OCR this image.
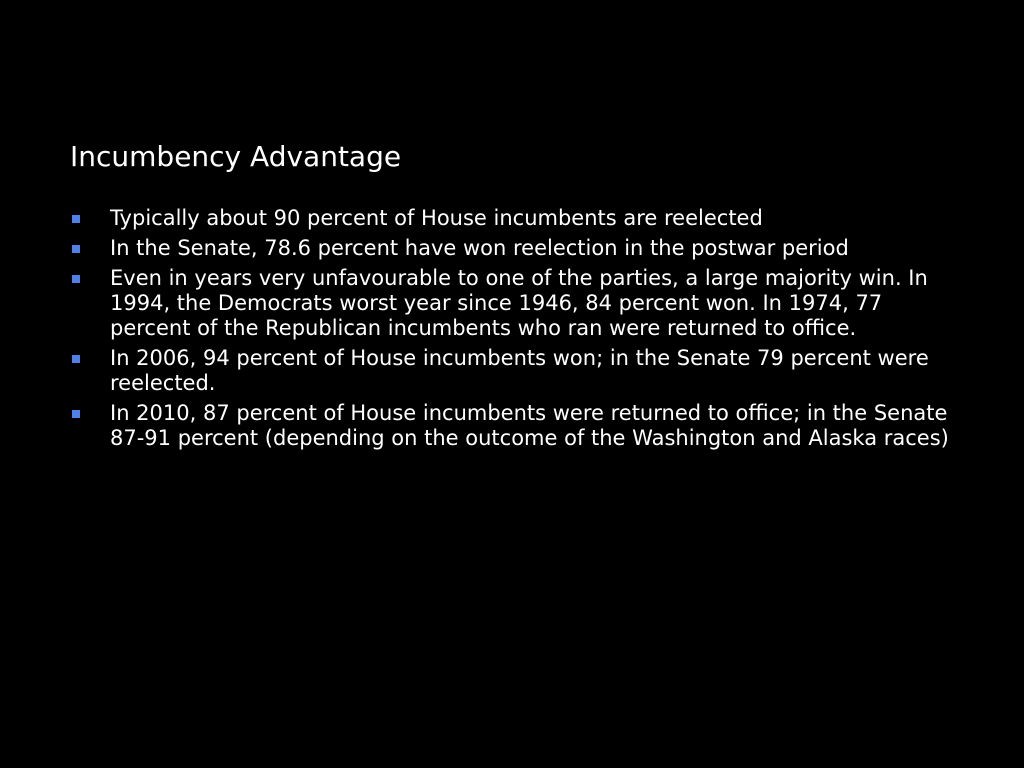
Incumbency Advantage
Typically about 90 percent of House incumbents are reelected
In the Senate, 78.6 percent have won reelection in the postwar period
Even in years very unfavourable to one of the parties, a large majority win. In 1994, the Democrats worst year since 1946, 84 percent won. In 1974, 77 percent of the Republican incumbents who ran were returned to office.
In 2006, 94 percent of House incumbents won; in the Senate 79 percent were reelected.
In 2010, 87 percent of House incumbents were returned to office; in the Senate 87-91 percent (depending on the outcome of the Washington and Alaska races)
